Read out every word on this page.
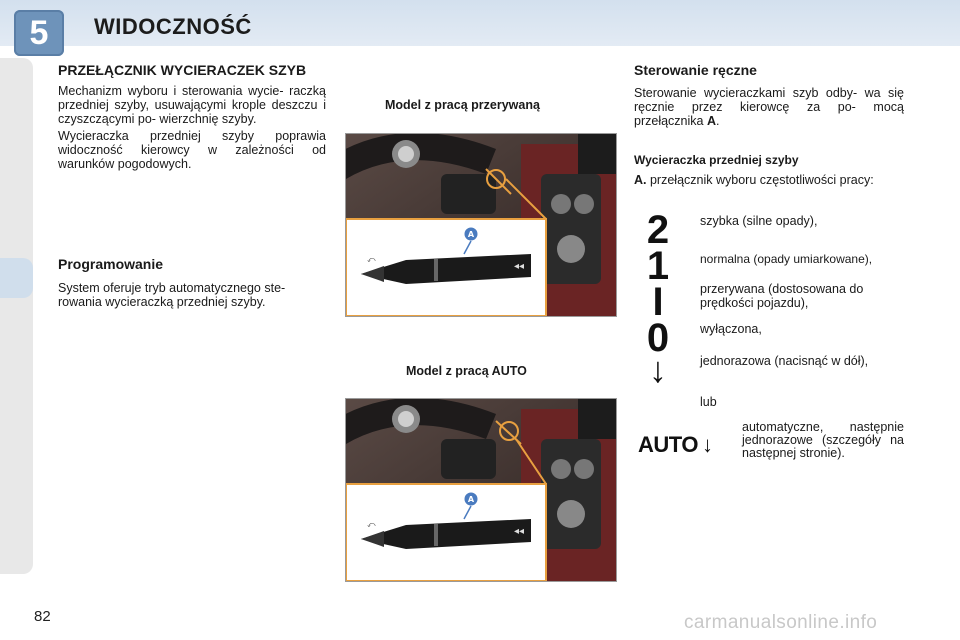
5	WIDOCZNOŚĆ

PRZEŁĄCZNIK WYCIERACZEK SZYB

Mechanizm wyboru i sterowania wycie- raczką przedniej szyby, usuwającymi krople deszczu i czyszczącymi po- wierzchnię szyby.

Wycieraczka przedniej szyby poprawia widoczność kierowcy w zależności od warunków pogodowych.

Programowanie

System oferuje tryb automatycznego ste- rowania wycieraczką przedniej szyby.

Model z pracą przerywaną
Model z pracą AUTO
⤺
◂◂
A
⤺
◂◂
A

Sterowanie ręczne

Sterowanie wycieraczkami szyb odby- wa się ręcznie przez kierowcę za po- mocą przełącznika A.

Wycieraczka przedniej szyby
A. przełącznik wyboru częstotliwości pracy:
2	szybka (silne opady),
1	normalna (opady umiarkowane),
I	przerywana (dostosowana do prędkości pojazdu),
0	wyłączona,
↓	jednorazowa (nacisnąć w dół),
lub
AUTO ↓
automatyczne, następnie jednorazowe (szczegóły na następnej stronie).
82	carmanualsonline.info
